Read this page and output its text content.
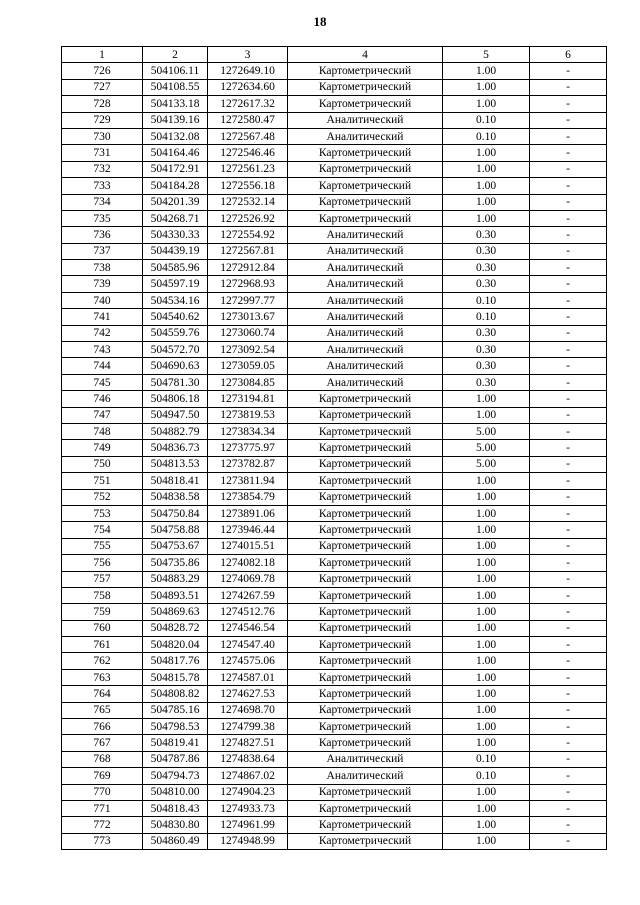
18
1	2	3	4	5	6
726	504106.11	1272649.10	Картометрический	1.00	-
727	504108.55	1272634.60	Картометрический	1.00	-
728	504133.18	1272617.32	Картометрический	1.00	-
729	504139.16	1272580.47	Аналитический	0.10	-
730	504132.08	1272567.48	Аналитический	0.10	-
731	504164.46	1272546.46	Картометрический	1.00	-
732	504172.91	1272561.23	Картометрический	1.00	-
733	504184.28	1272556.18	Картометрический	1.00	-
734	504201.39	1272532.14	Картометрический	1.00	-
735	504268.71	1272526.92	Картометрический	1.00	-
736	504330.33	1272554.92	Аналитический	0.30	-
737	504439.19	1272567.81	Аналитический	0.30	-
738	504585.96	1272912.84	Аналитический	0.30	-
739	504597.19	1272968.93	Аналитический	0.30	-
740	504534.16	1272997.77	Аналитический	0.10	-
741	504540.62	1273013.67	Аналитический	0.10	-
742	504559.76	1273060.74	Аналитический	0.30	-
743	504572.70	1273092.54	Аналитический	0.30	-
744	504690.63	1273059.05	Аналитический	0.30	-
745	504781.30	1273084.85	Аналитический	0.30	-
746	504806.18	1273194.81	Картометрический	1.00	-
747	504947.50	1273819.53	Картометрический	1.00	-
748	504882.79	1273834.34	Картометрический	5.00	-
749	504836.73	1273775.97	Картометрический	5.00	-
750	504813.53	1273782.87	Картометрический	5.00	-
751	504818.41	1273811.94	Картометрический	1.00	-
752	504838.58	1273854.79	Картометрический	1.00	-
753	504750.84	1273891.06	Картометрический	1.00	-
754	504758.88	1273946.44	Картометрический	1.00	-
755	504753.67	1274015.51	Картометрический	1.00	-
756	504735.86	1274082.18	Картометрический	1.00	-
757	504883.29	1274069.78	Картометрический	1.00	-
758	504893.51	1274267.59	Картометрический	1.00	-
759	504869.63	1274512.76	Картометрический	1.00	-
760	504828.72	1274546.54	Картометрический	1.00	-
761	504820.04	1274547.40	Картометрический	1.00	-
762	504817.76	1274575.06	Картометрический	1.00	-
763	504815.78	1274587.01	Картометрический	1.00	-
764	504808.82	1274627.53	Картометрический	1.00	-
765	504785.16	1274698.70	Картометрический	1.00	-
766	504798.53	1274799.38	Картометрический	1.00	-
767	504819.41	1274827.51	Картометрический	1.00	-
768	504787.86	1274838.64	Аналитический	0.10	-
769	504794.73	1274867.02	Аналитический	0.10	-
770	504810.00	1274904.23	Картометрический	1.00	-
771	504818.43	1274933.73	Картометрический	1.00	-
772	504830.80	1274961.99	Картометрический	1.00	-
773	504860.49	1274948.99	Картометрический	1.00	-
